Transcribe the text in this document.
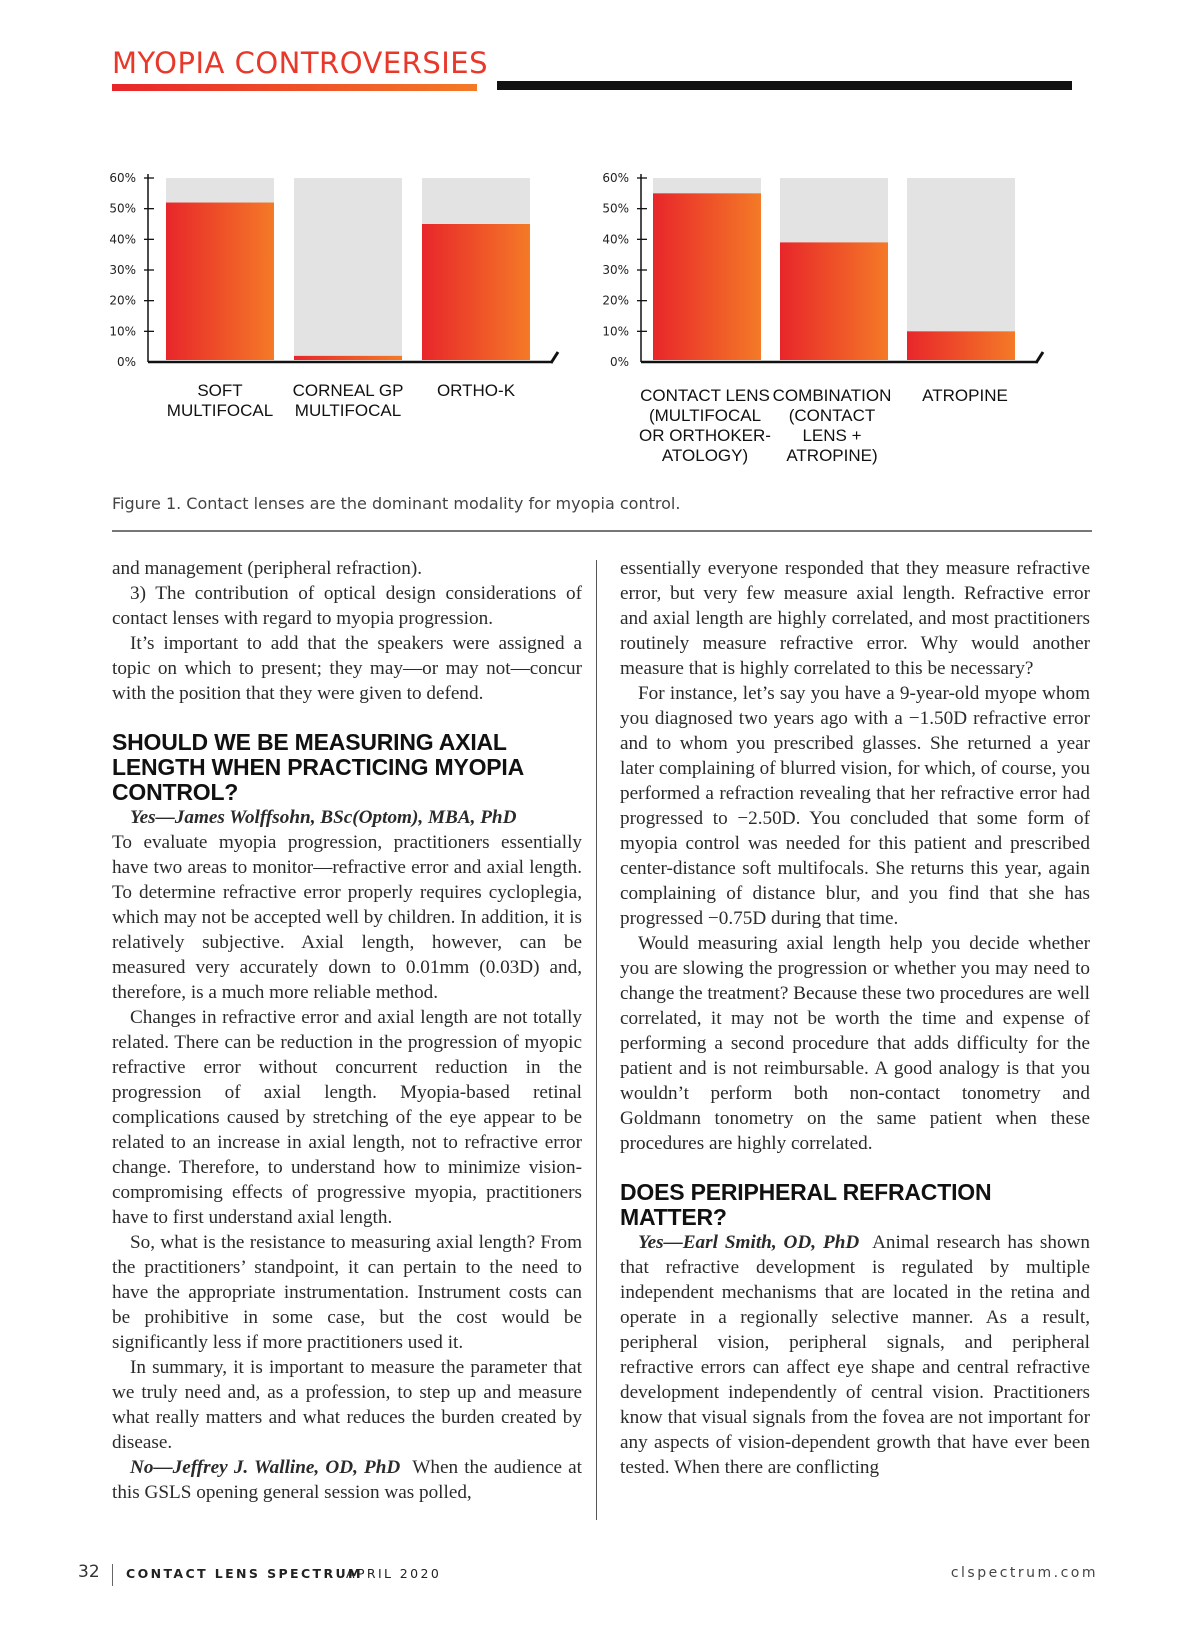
MYOPIA CONTROVERSIES
0%
10%
20%
30%
40%
50%
60%
SOFT
MULTIFOCAL
CORNEAL GP
MULTIFOCAL
ORTHO-K
0%
10%
20%
30%
40%
50%
60%
CONTACT LENS
(MULTIFOCAL
OR ORTHOKER-
ATOLOGY)
COMBINATION
(CONTACT
LENS +
ATROPINE)
ATROPINE
Figure 1. Contact lenses are the dominant modality for myopia control.

and management (peripheral refraction).

3) The contribution of optical design considerations of contact lenses with regard to myopia progression.

It’s important to add that the speakers were assigned a topic on which to present; they may—or may not—concur with the position that they were given to defend.

SHOULD WE BE MEASURING AXIAL LENGTH WHEN PRACTICING MYOPIA CONTROL?

Yes—James Wolffsohn, BSc(Optom), MBA, PhD

To evaluate myopia progression, practitioners essentially have two areas to monitor—refractive error and axial length. To determine refractive error properly requires cycloplegia, which may not be accepted well by children. In addition, it is relatively subjective. Axial length, however, can be measured very accurately down to 0.01mm (0.03D) and, therefore, is a much more reliable method.

Changes in refractive error and axial length are not totally related. There can be reduction in the progression of myopic refractive error without concurrent reduction in the progression of axial length. Myopia-based retinal complications caused by stretching of the eye appear to be related to an increase in axial length, not to refractive error change. Therefore, to understand how to minimize vision-compromising effects of progressive myopia, practitioners have to first understand axial length.

So, what is the resistance to measuring axial length? From the practitioners’ standpoint, it can pertain to the need to have the appropriate instrumentation. Instrument costs can be prohibitive in some case, but the cost would be significantly less if more practitioners used it.

In summary, it is important to measure the parameter that we truly need and, as a profession, to step up and measure what really matters and what reduces the burden created by disease.

No—Jeffrey J. Walline, OD, PhD When the audience at this GSLS opening general session was polled,

essentially everyone responded that they measure refractive error, but very few measure axial length. Refractive error and axial length are highly correlated, and most practitioners routinely measure refractive error. Why would another measure that is highly correlated to this be necessary?

For instance, let’s say you have a 9-year-old myope whom you diagnosed two years ago with a −1.50D refractive error and to whom you prescribed glasses. She returned a year later complaining of blurred vision, for which, of course, you performed a refraction revealing that her refractive error had progressed to −2.50D. You concluded that some form of myopia control was needed for this patient and prescribed center-distance soft multifocals. She returns this year, again complaining of distance blur, and you find that she has progressed −0.75D during that time.

Would measuring axial length help you decide whether you are slowing the progression or whether you may need to change the treatment? Because these two procedures are well correlated, it may not be worth the time and expense of performing a second procedure that adds difficulty for the patient and is not reimbursable. A good analogy is that you wouldn’t perform both non-contact tonometry and Goldmann tonometry on the same patient when these procedures are highly correlated.

DOES PERIPHERAL REFRACTION MATTER?

Yes—Earl Smith, OD, PhD Animal research has shown that refractive development is regulated by multiple independent mechanisms that are located in the retina and operate in a regionally selective manner. As a result, peripheral vision, peripheral signals, and peripheral refractive errors can affect eye shape and central refractive development independently of central vision. Practitioners know that visual signals from the fovea are not important for any aspects of vision-dependent growth that have ever been tested. When there are conflicting

32 CONTACT LENS SPECTRUM
APRIL 2020	clspectrum.com
